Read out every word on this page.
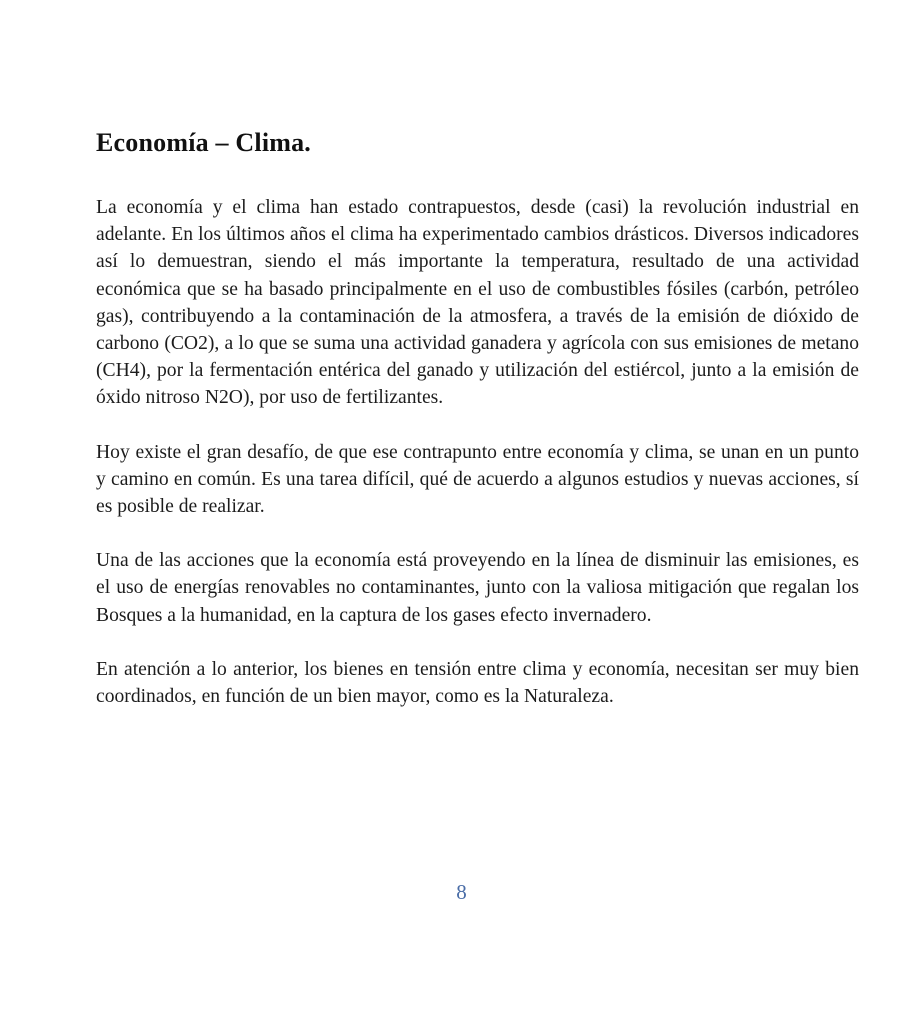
Economía – Clima.

La economía y el clima han estado contrapuestos, desde (casi) la revolución industrial en adelante. En los últimos años el clima ha experimentado cambios drásticos. Diversos indicadores así lo demuestran, siendo el más importante la temperatura, resultado de una actividad económica que se ha basado principalmente en el uso de combustibles fósiles (carbón, petróleo gas), contribuyendo a la contaminación de la atmosfera, a través de la emisión de dióxido de carbono (CO2), a lo que se suma una actividad ganadera y agrícola con sus emisiones de metano (CH4), por la fermentación entérica del ganado y utilización del estiércol, junto a la emisión de óxido nitroso N2O), por uso de fertilizantes.

Hoy existe el gran desafío, de que ese contrapunto entre economía y clima, se unan en un punto y camino en común. Es una tarea difícil, qué de acuerdo a algunos estudios y nuevas acciones, sí es posible de realizar.

Una de las acciones que la economía está proveyendo en la línea de disminuir las emisiones, es el uso de energías renovables no contaminantes, junto con la valiosa mitigación que regalan los Bosques a la humanidad, en la captura de los gases efecto invernadero.

En atención a lo anterior, los bienes en tensión entre clima y economía, necesitan ser muy bien coordinados, en función de un bien mayor, como es la Naturaleza.

8
